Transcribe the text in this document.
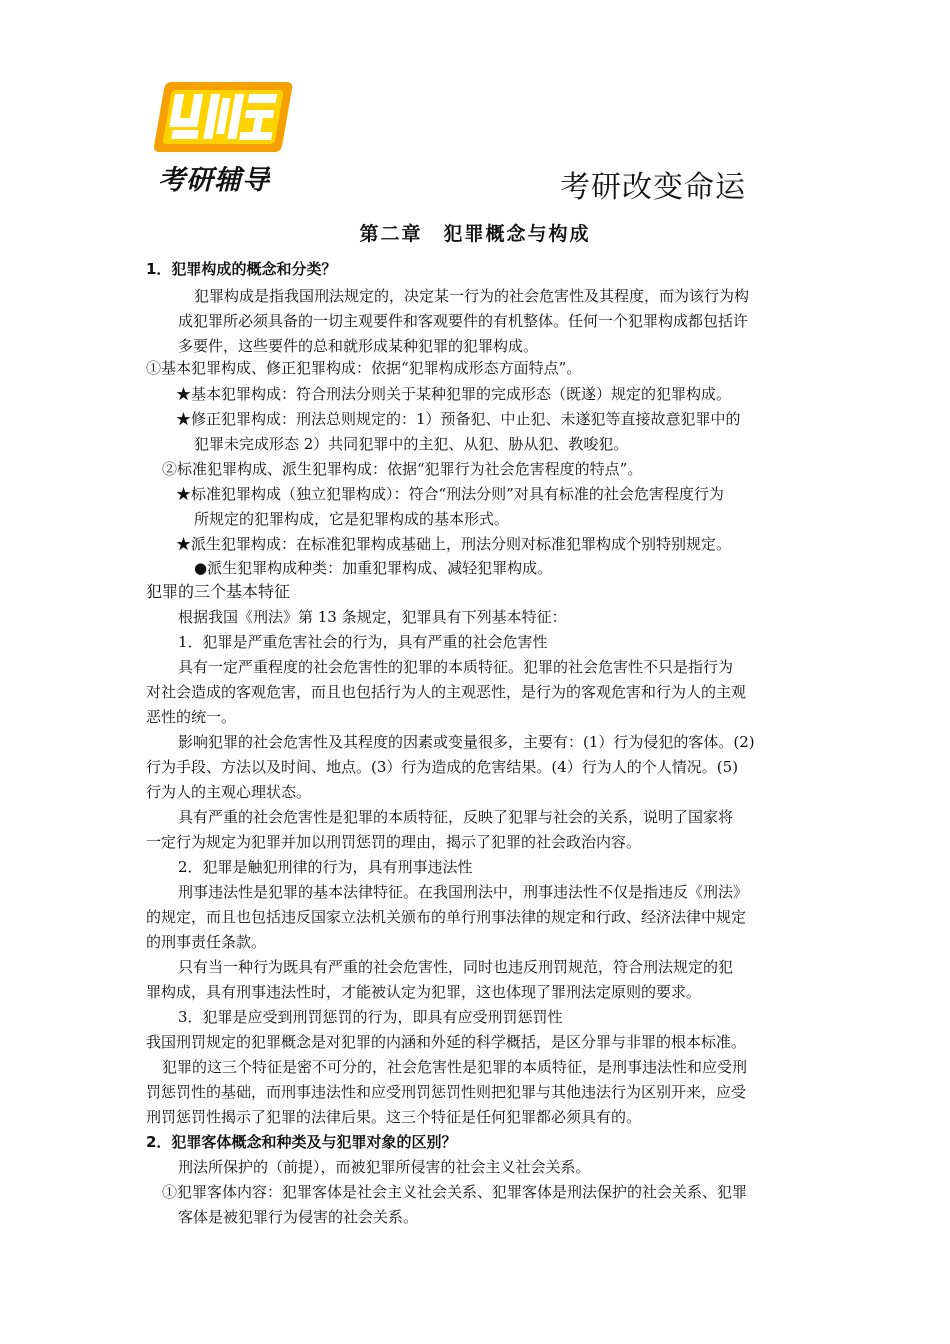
考研辅导	考研改变命运
第二章　犯罪概念与构成
1．犯罪构成的概念和分类？
犯罪构成是指我国刑法规定的，决定某一行为的社会危害性及其程度，而为该行为构
成犯罪所必须具备的一切主观要件和客观要件的有机整体。任何一个犯罪构成都包括许
多要件，这些要件的总和就形成某种犯罪的犯罪构成。
①基本犯罪构成、修正犯罪构成：依据“犯罪构成形态方面特点”。
★基本犯罪构成：符合刑法分则关于某种犯罪的完成形态（既遂）规定的犯罪构成。
★修正犯罪构成：刑法总则规定的：1）预备犯、中止犯、未遂犯等直接故意犯罪中的
犯罪未完成形态 2）共同犯罪中的主犯、从犯、胁从犯、教唆犯。
②标准犯罪构成、派生犯罪构成：依据“犯罪行为社会危害程度的特点”。
★标准犯罪构成（独立犯罪构成）：符合“刑法分则”对具有标准的社会危害程度行为
所规定的犯罪构成，它是犯罪构成的基本形式。
★派生犯罪构成：在标准犯罪构成基础上，刑法分则对标准犯罪构成个别特别规定。
●派生犯罪构成种类：加重犯罪构成、减轻犯罪构成。
犯罪的三个基本特征
根据我国《刑法》第 13 条规定，犯罪具有下列基本特征：
1．犯罪是严重危害社会的行为，具有严重的社会危害性
具有一定严重程度的社会危害性的犯罪的本质特征。犯罪的社会危害性不只是指行为
对社会造成的客观危害，而且也包括行为人的主观恶性，是行为的客观危害和行为人的主观
恶性的统一。
影响犯罪的社会危害性及其程度的因素或变量很多，主要有：(1）行为侵犯的客体。(2)
行为手段、方法以及时间、地点。(3）行为造成的危害结果。(4）行为人的个人情况。(5)
行为人的主观心理状态。
具有严重的社会危害性是犯罪的本质特征，反映了犯罪与社会的关系，说明了国家将
一定行为规定为犯罪并加以刑罚惩罚的理由，揭示了犯罪的社会政治内容。
2．犯罪是触犯刑律的行为，具有刑事违法性
刑事违法性是犯罪的基本法律特征。在我国刑法中，刑事违法性不仅是指违反《刑法》
的规定，而且也包括违反国家立法机关颁布的单行刑事法律的规定和行政、经济法律中规定
的刑事责任条款。
只有当一种行为既具有严重的社会危害性，同时也违反刑罚规范，符合刑法规定的犯
罪构成，具有刑事违法性时，才能被认定为犯罪，这也体现了罪刑法定原则的要求。
3．犯罪是应受到刑罚惩罚的行为，即具有应受刑罚惩罚性
我国刑罚规定的犯罪概念是对犯罪的内涵和外延的科学概括，是区分罪与非罪的根本标准。
犯罪的这三个特征是密不可分的，社会危害性是犯罪的本质特征，是刑事违法性和应受刑
罚惩罚性的基础，而刑事违法性和应受刑罚惩罚性则把犯罪与其他违法行为区别开来，应受
刑罚惩罚性揭示了犯罪的法律后果。这三个特征是任何犯罪都必须具有的。
2．犯罪客体概念和种类及与犯罪对象的区别？
刑法所保护的（前提），而被犯罪所侵害的社会主义社会关系。
①犯罪客体内容：犯罪客体是社会主义社会关系、犯罪客体是刑法保护的社会关系、犯罪
客体是被犯罪行为侵害的社会关系。
